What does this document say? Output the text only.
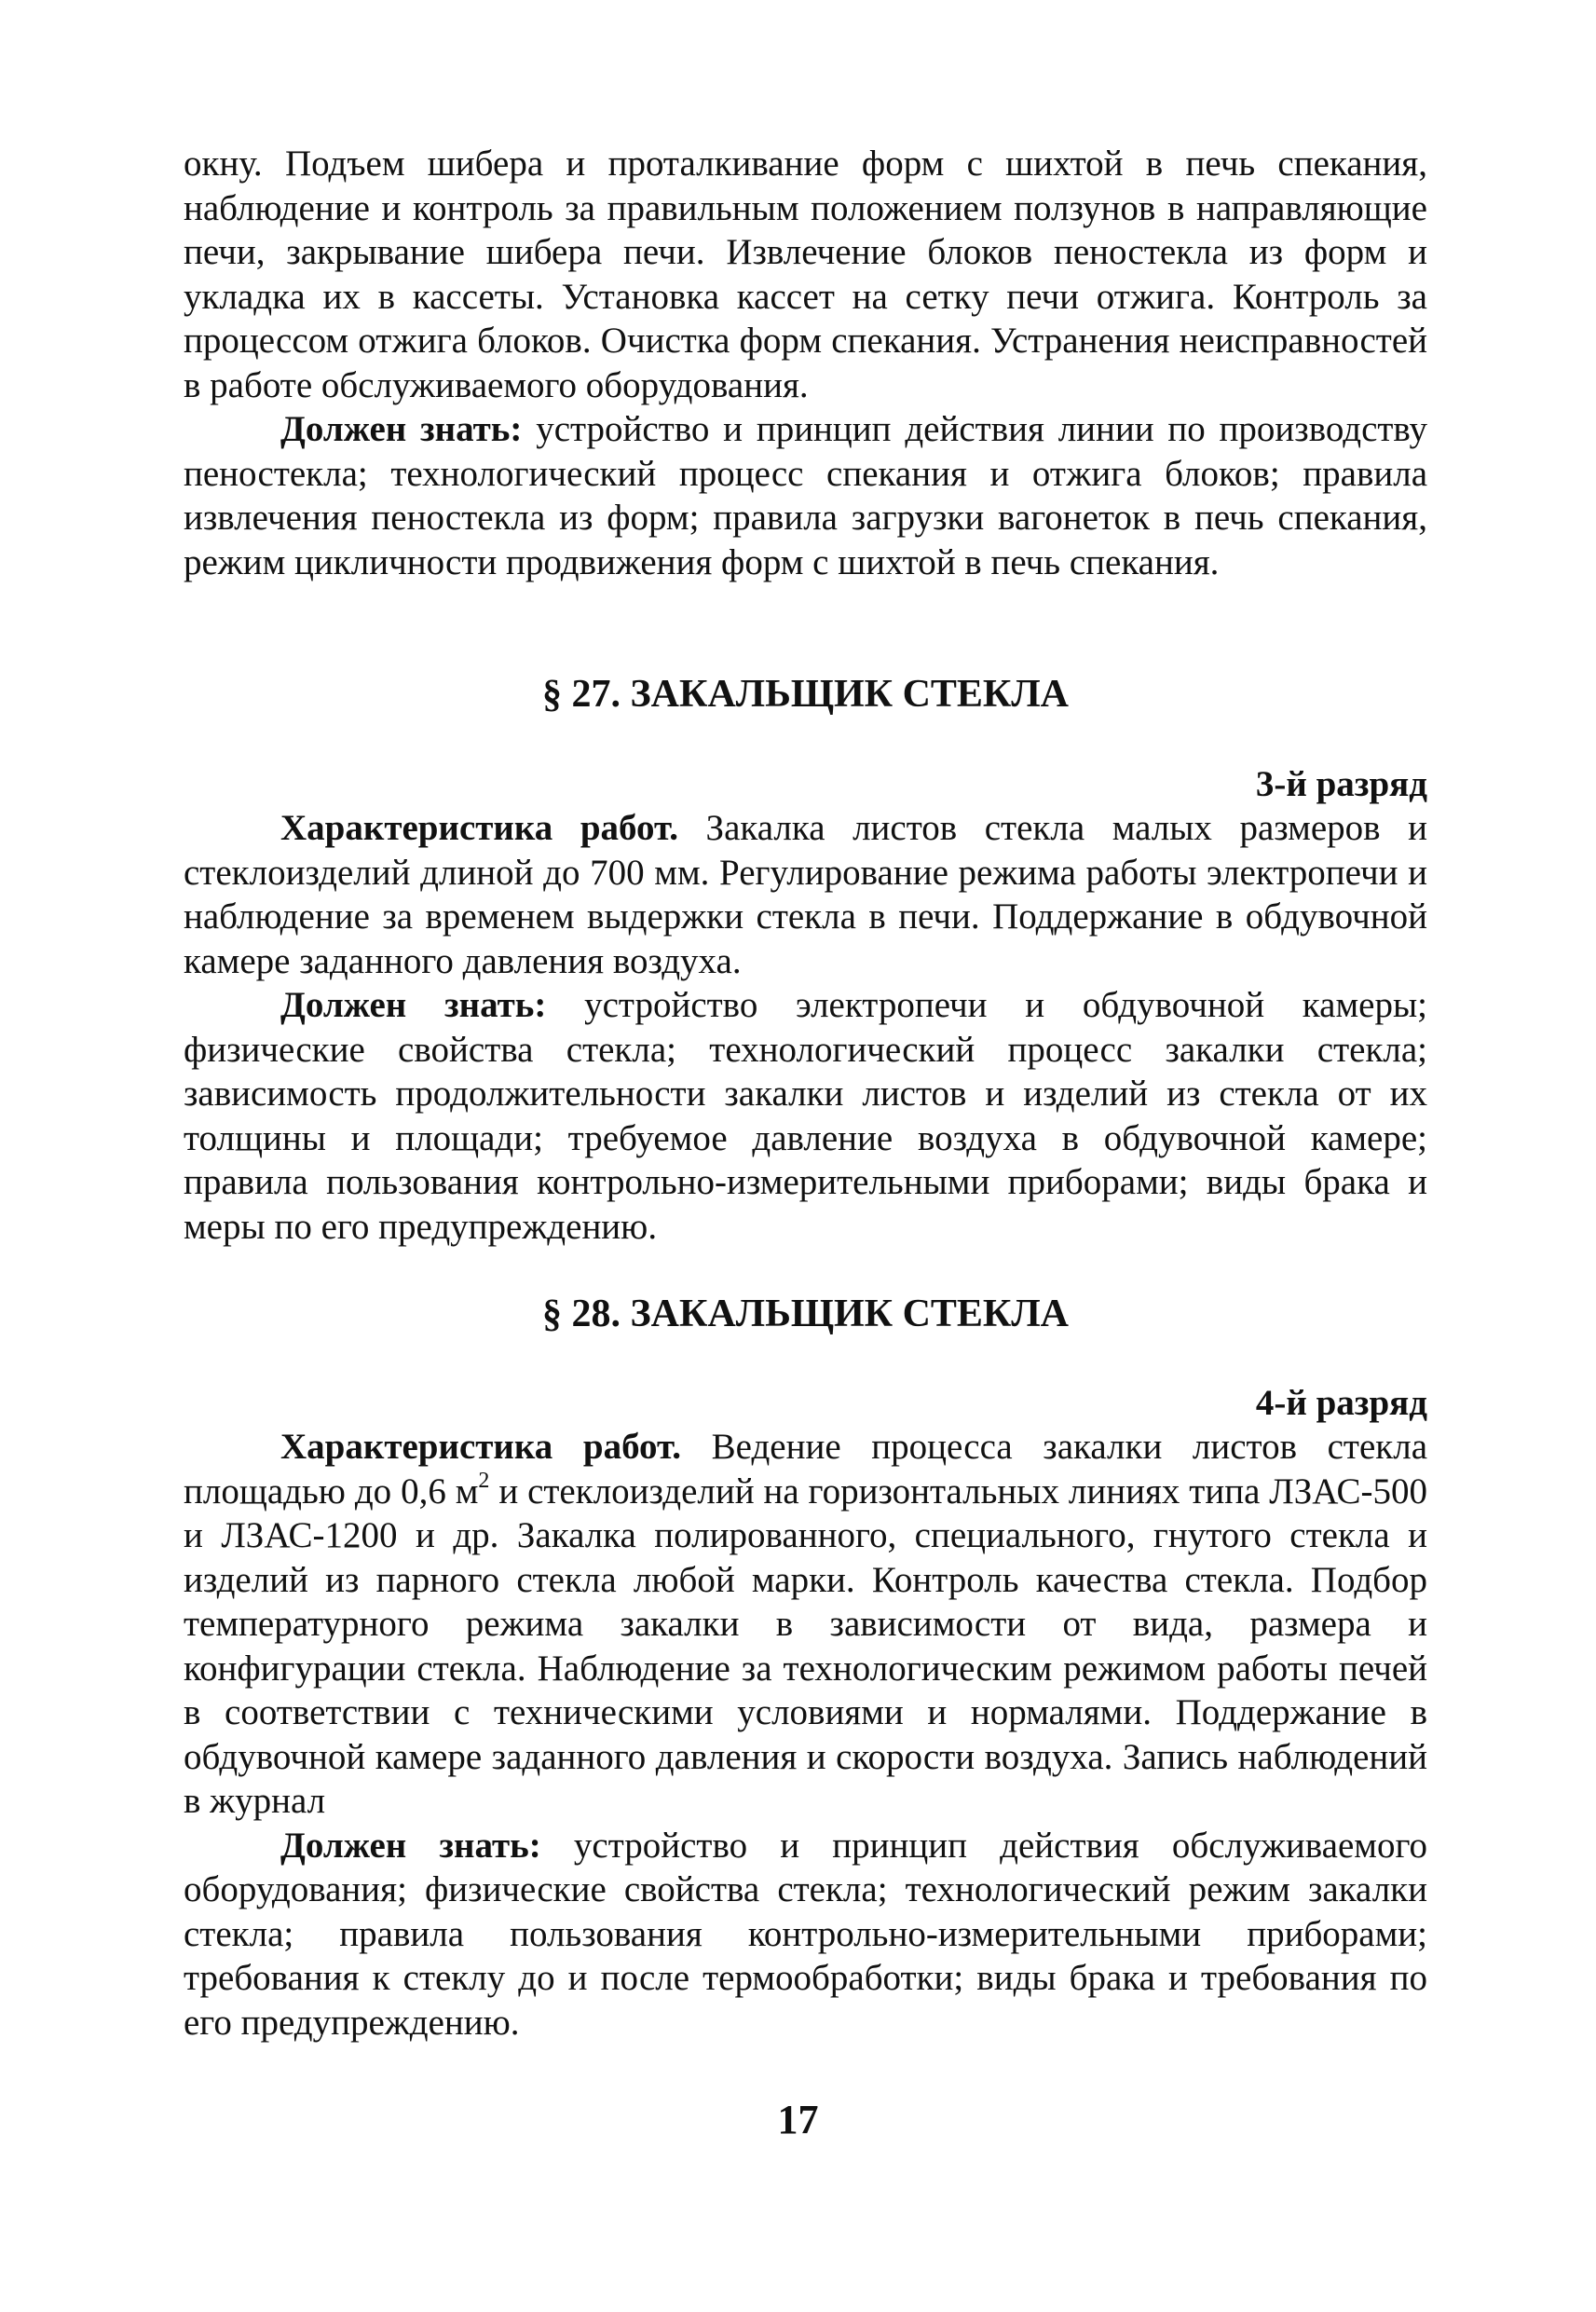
окну. Подъем шибера и проталкивание форм с шихтой в печь спекания, наблюдение и контроль за правильным положением ползунов в направляющие печи, закрывание шибера печи. Извлечение блоков пеностекла из форм и укладка их в кассеты. Установка кассет на сетку печи отжига. Контроль за процессом отжига блоков. Очистка форм спекания. Устранения неисправностей в работе обслуживаемого оборудования.

Должен знать: устройство и принцип действия линии по производству пеностекла; технологический процесс спекания и отжига блоков; правила извлечения пеностекла из форм; правила загрузки вагонеток в печь спекания, режим цикличности продвижения форм с шихтой в печь спекания.

§ 27. ЗАКАЛЬЩИК СТЕКЛА

3-й разряд

Характеристика работ. Закалка листов стекла малых размеров и стеклоизделий длиной до 700 мм. Регулирование режима работы электропечи и наблюдение за временем выдержки стекла в печи. Поддержание в обдувочной камере заданного давления воздуха.

Должен знать: устройство электропечи и обдувочной камеры; физические свойства стекла; технологический процесс закалки стекла; зависимость продолжительности закалки листов и изделий из стекла от их толщины и площади; требуемое давление воздуха в обдувочной камере; правила пользования контрольно-измерительными приборами; виды брака и меры по его предупреждению.

§ 28. ЗАКАЛЬЩИК СТЕКЛА

4-й разряд

Характеристика работ. Ведение процесса закалки листов стекла площадью до 0,6 $м^2$ и стеклоизделий на горизонтальных линиях типа ЛЗАС-500 и ЛЗАС-1200 и др. Закалка полированного, специального, гнутого стекла и изделий из парного стекла любой марки. Контроль качества стекла. Подбор температурного режима закалки в зависимости от вида, размера и конфигурации стекла. Наблюдение за технологическим режимом работы печей в соответствии с техническими условиями и нормалями. Поддержание в обдувочной камере заданного давления и скорости воздуха. Запись наблюдений в журнал

Должен знать: устройство и принцип действия обслуживаемого оборудования; физические свойства стекла; технологический режим закалки стекла; правила пользования контрольно-измерительными приборами; требования к стеклу до и после термообработки; виды брака и требования по его предупреждению.

17
